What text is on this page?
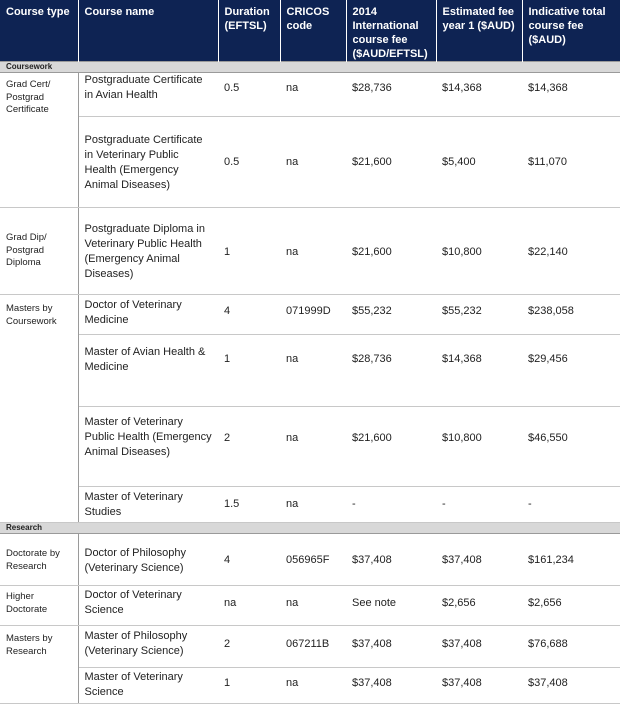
Course type	Course name	Duration (EFTSL)	CRICOS code	2014 International course fee ($AUD/EFTSL)	Estimated fee year 1 ($AUD)	Indicative total course fee ($AUD)
Coursework						
Grad Cert/ Postgrad Certificate	Postgraduate Certificate in Avian Health	0.5	na	$28,736	$14,368	$14,368
	Postgraduate Certificate in Veterinary Public Health (Emergency Animal Diseases)	0.5	na	$21,600	$5,400	$11,070
Grad Dip/ Postgrad Diploma	Postgraduate Diploma in Veterinary Public Health (Emergency Animal Diseases)	1	na	$21,600	$10,800	$22,140
Masters by Coursework	Doctor of Veterinary Medicine	4	071999D	$55,232	$55,232	$238,058
	Master of Avian Health & Medicine	1	na	$28,736	$14,368	$29,456
	Master of Veterinary Public Health (Emergency Animal Diseases)	2	na	$21,600	$10,800	$46,550
	Master of Veterinary Studies	1.5	na	-	-	-
Research						
Doctorate by Research	Doctor of Philosophy (Veterinary Science)	4	056965F	$37,408	$37,408	$161,234
Higher Doctorate	Doctor of Veterinary Science	na	na	See note	$2,656	$2,656
Masters by Research	Master of Philosophy (Veterinary Science)	2	067211B	$37,408	$37,408	$76,688
	Master of Veterinary Science	1	na	$37,408	$37,408	$37,408
